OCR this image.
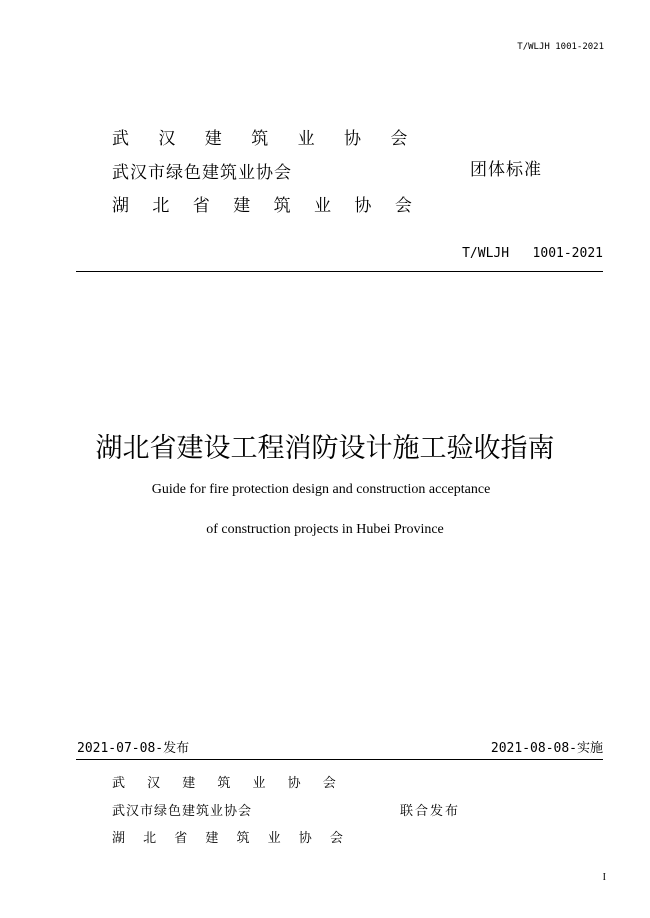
T/WLJH 1001-2021
武 汉 建 筑 业 协 会
武汉市绿色建筑业协会
湖 北 省 建 筑 业 协 会
团体标准
T/WLJH   1001-2021
湖北省建设工程消防设计施工验收指南
Guide for fire protection design and construction acceptance
of construction projects in Hubei Province
2021-07-08-发布	2021-08-08-实施
武 汉 建 筑 业 协 会
武汉市绿色建筑业协会
湖 北 省 建 筑 业 协 会
联合发布
I
